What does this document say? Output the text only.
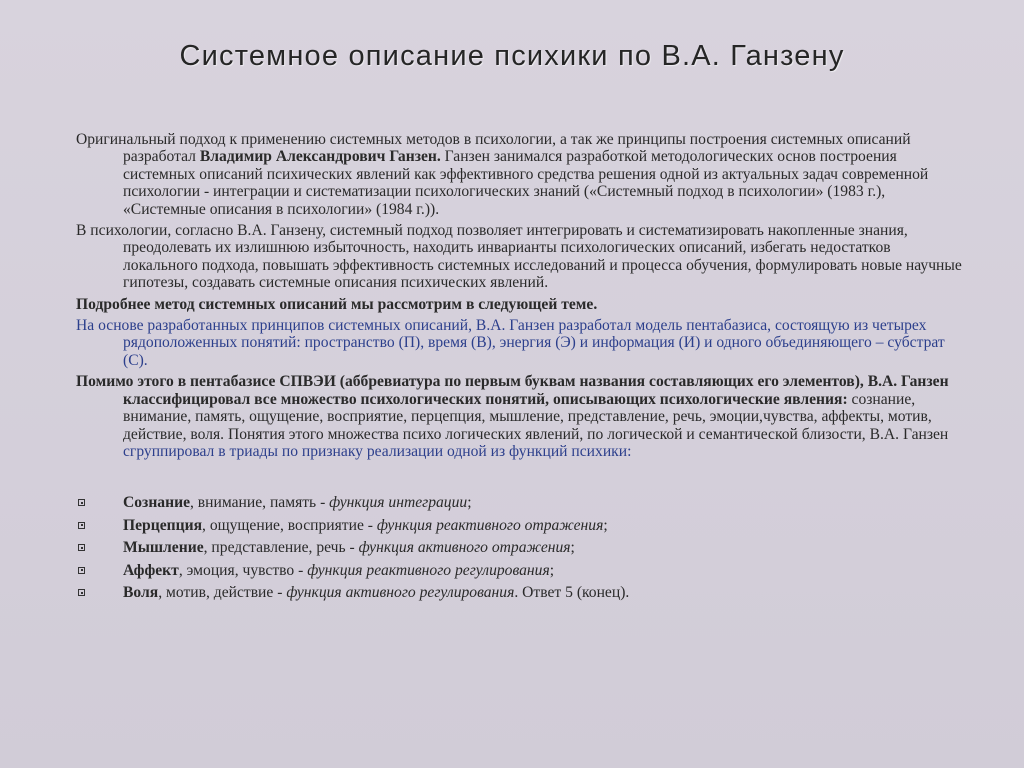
Системное описание психики по В.А. Ганзену

Оригинальный подход к применению системных методов в психологии, а так же принципы построения системных описаний разработал Владимир Александрович Ганзен. Ганзен занимался разработкой методологических основ построения системных описаний психических явлений как эффективного средства решения одной из актуальных задач современной психологии - интеграции и систематизации психологических знаний («Системный подход в психологии» (1983 г.), «Системные описания в психологии» (1984 г.)).

В психологии, согласно В.А. Ганзену, системный подход позволяет интегрировать и систематизировать накопленные знания, преодолевать их излишнюю избыточность, находить инварианты психологических описаний, избегать недостатков локального подхода, повышать эффективность системных исследований и процесса обучения, формулировать новые научные гипотезы, создавать системные описания психических явлений.

Подробнее метод системных описаний мы рассмотрим в следующей теме.

На основе разработанных принципов системных описаний, В.А. Ганзен разработал модель пентабазиса, состоящую из четырех рядоположенных понятий: пространство (П), время (В), энергия (Э) и информация (И) и одного объединяющего – субстрат (С).

Помимо этого в пентабазисе СПВЭИ (аббревиатура по первым буквам названия составляющих его элементов), В.А. Ганзен классифицировал все множество психологических понятий, описывающих психологические явления: сознание, внимание, память, ощущение, восприятие, перцепция, мышление, представление, речь, эмоции,чувства, аффекты, мотив, действие, воля. Понятия этого множества психо логических явлений, по логической и семантической близости, В.А. Ганзен сгруппировал в триады по признаку реализации одной из функций психики:

Сознание, внимание, память - функция интеграции;
Перцепция, ощущение, восприятие - функция реактивного отражения;
Мышление, представление, речь - функция активного отражения;
Аффект, эмоция, чувство - функция реактивного регулирования;
Воля, мотив, действие - функция активного регулирования. Ответ 5 (конец).
